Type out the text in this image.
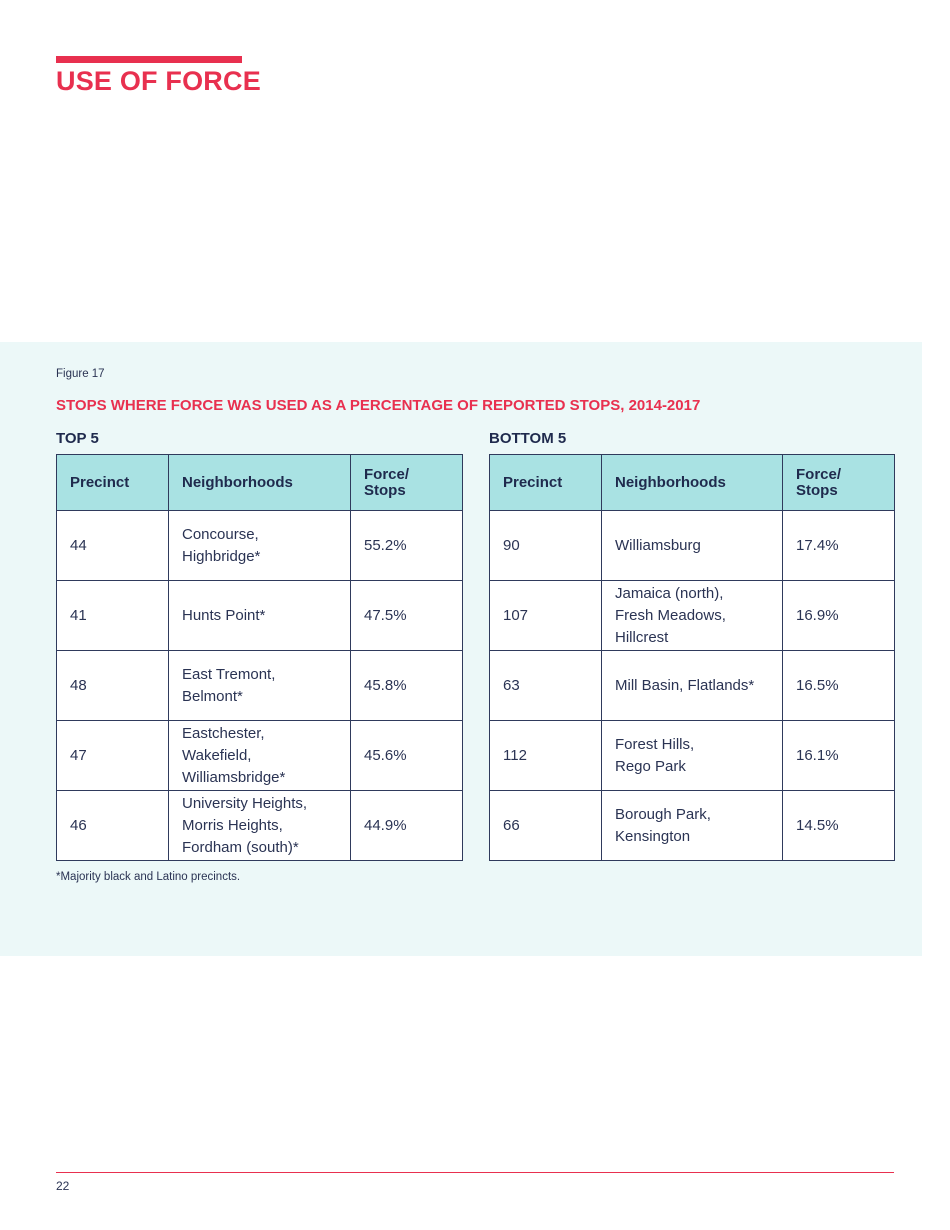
USE OF FORCE
Figure 17
STOPS WHERE FORCE WAS USED AS A PERCENTAGE OF REPORTED STOPS, 2014-2017
TOP 5
Precinct	Neighborhoods	Force/
Stops
44	Concourse,
Highbridge*	55.2%
41	Hunts Point*	47.5%
48	East Tremont,
Belmont*	45.8%
47	Eastchester,
Wakefield,
Williamsbridge*	45.6%
46	University Heights,
Morris Heights,
Fordham (south)*	44.9%
BOTTOM 5
Precinct	Neighborhoods	Force/
Stops
90	Williamsburg	17.4%
107	Jamaica (north),
Fresh Meadows,
Hillcrest	16.9%
63	Mill Basin, Flatlands*	16.5%
112	Forest Hills,
Rego Park	16.1%
66	Borough Park,
Kensington	14.5%
*Majority black and Latino precincts.
22
